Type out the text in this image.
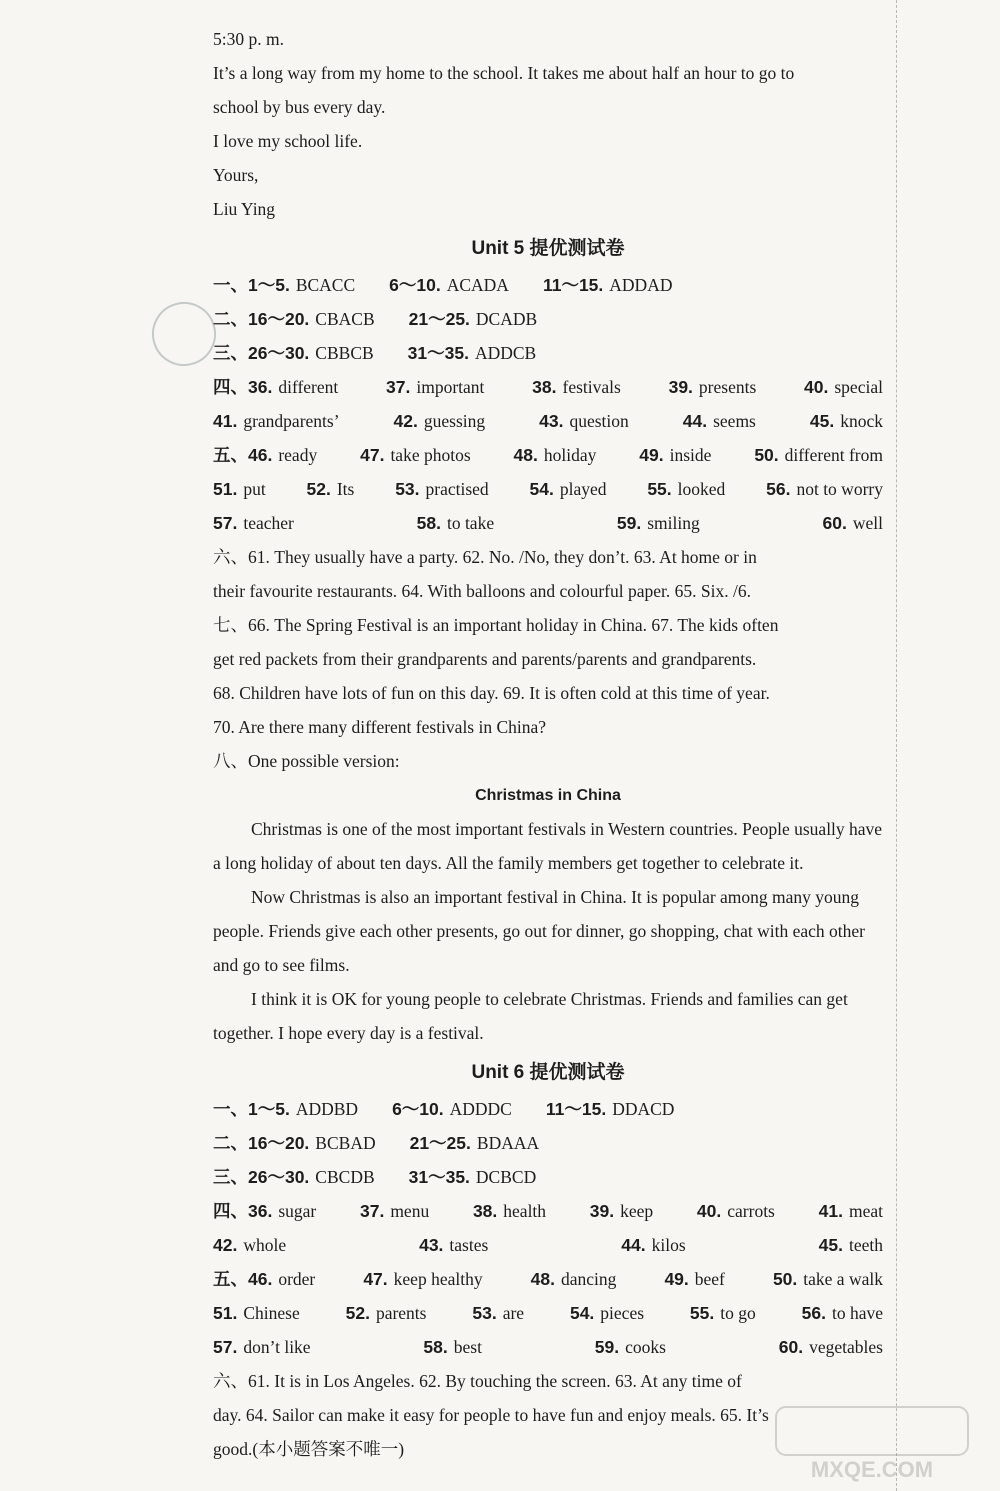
5:30 p. m.
It’s a long way from my home to the school. It takes me about half an hour to go to
school by bus every day.
I love my school life.
Yours,
Liu Ying
Unit 5 提优测试卷
一、1～5. BCACC 6～10. ACADA 11～15. ADDAD
二、16～20. CBACB 21～25. DCADB
三、26～30. CBBCB 31～35. ADDCB
四、36. different	37. important	38. festivals	39. presents	40. special
41. grandparents’	42. guessing	43. question	44. seems	45. knock
五、46. ready 47. take photos 48. holiday 49. inside 50. different from
51. put 52. Its 53. practised 54. played 55. looked 56. not to worry
57. teacher	58. to take	59. smiling	60. well
六、61. They usually have a party. 62. No. /No, they don’t. 63. At home or in
their favourite restaurants. 64. With balloons and colourful paper. 65. Six. /6.
七、66. The Spring Festival is an important holiday in China. 67. The kids often
get red packets from their grandparents and parents/parents and grandparents.
68. Children have lots of fun on this day. 69. It is often cold at this time of year.
70. Are there many different festivals in China?
八、One possible version:
Christmas in China
Christmas is one of the most important festivals in Western countries. People usually have a long holiday of about ten days. All the family members get together to celebrate it.
Now Christmas is also an important festival in China. It is popular among many young people. Friends give each other presents, go out for dinner, go shopping, chat with each other and go to see films.
I think it is OK for young people to celebrate Christmas. Friends and families can get together. I hope every day is a festival.
Unit 6 提优测试卷
一、1～5. ADDBD 6～10. ADDDC 11～15. DDACD
二、16～20. BCBAD 21～25. BDAAA
三、26～30. CBCDB 31～35. DCBCD
四、36. sugar	37. menu	38. health	39. keep	40. carrots	41. meat
42. whole	43. tastes	44. kilos	45. teeth
五、46. order	47. keep healthy	48. dancing	49. beef	50. take a walk
51. Chinese	52. parents	53. are	54. pieces	55. to go	56. to have
57. don’t like	58. best	59. cooks	60. vegetables
六、61. It is in Los Angeles. 62. By touching the screen. 63. At any time of
day. 64. Sailor can make it easy for people to have fun and enjoy meals. 65. It’s
good.(本小题答案不唯一)
MXQE.COM
